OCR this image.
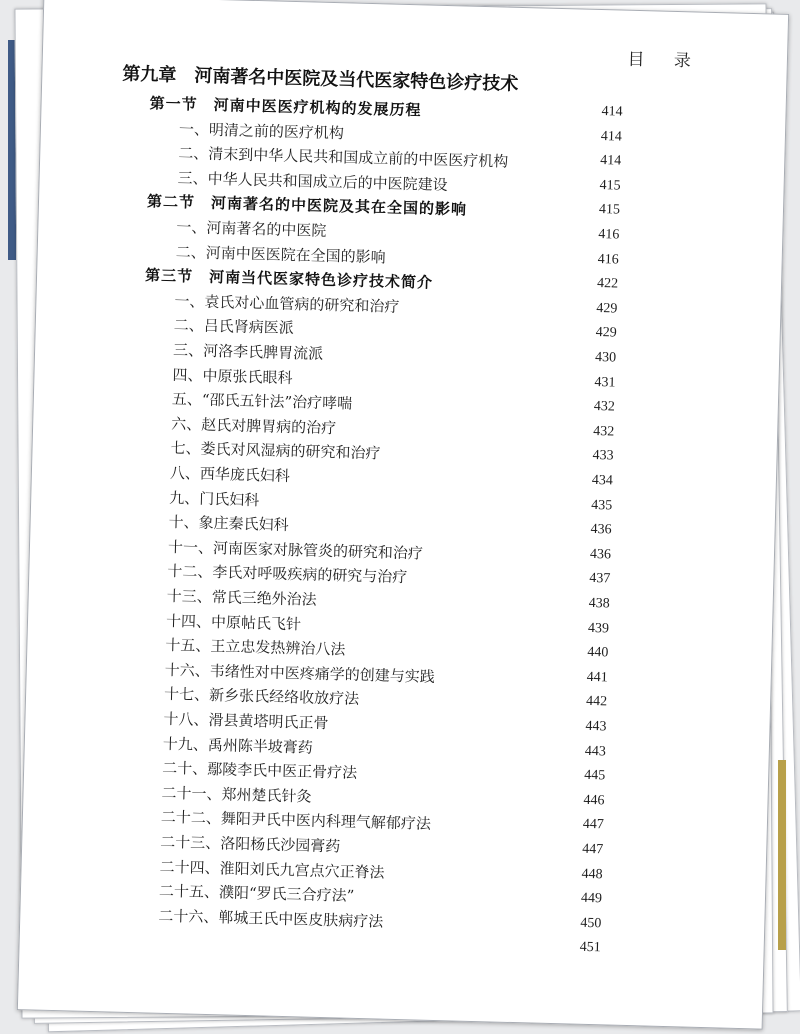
目 录
第九章　河南著名中医院及当代医家特色诊疗技术
第一节　河南中医医疗机构的发展历程	414
一、明清之前的医疗机构	414
二、清末到中华人民共和国成立前的中医医疗机构	414
三、中华人民共和国成立后的中医院建设	415
第二节　河南著名的中医院及其在全国的影响	415
一、河南著名的中医院	416
二、河南中医医院在全国的影响	416
第三节　河南当代医家特色诊疗技术简介	422
一、袁氏对心血管病的研究和治疗	429
二、吕氏肾病医派	429
三、河洛李氏脾胃流派	430
四、中原张氏眼科	431
五、“邵氏五针法”治疗哮喘	432
六、赵氏对脾胃病的治疗	432
七、娄氏对风湿病的研究和治疗	433
八、西华庞氏妇科	434
九、门氏妇科	435
十、象庄秦氏妇科	436
十一、河南医家对脉管炎的研究和治疗	436
十二、李氏对呼吸疾病的研究与治疗	437
十三、常氏三绝外治法	438
十四、中原帖氏飞针	439
十五、王立忠发热辨治八法	440
十六、韦绪性对中医疼痛学的创建与实践	441
十七、新乡张氏经络收放疗法	442
十八、滑县黄塔明氏正骨	443
十九、禹州陈半坡膏药	443
二十、鄢陵李氏中医正骨疗法	445
二十一、郑州楚氏针灸	446
二十二、舞阳尹氏中医内科理气解郁疗法	447
二十三、洛阳杨氏沙园膏药	447
二十四、淮阳刘氏九宫点穴正脊法	448
二十五、濮阳“罗氏三合疗法”	449
二十六、郸城王氏中医皮肤病疗法	450
451
